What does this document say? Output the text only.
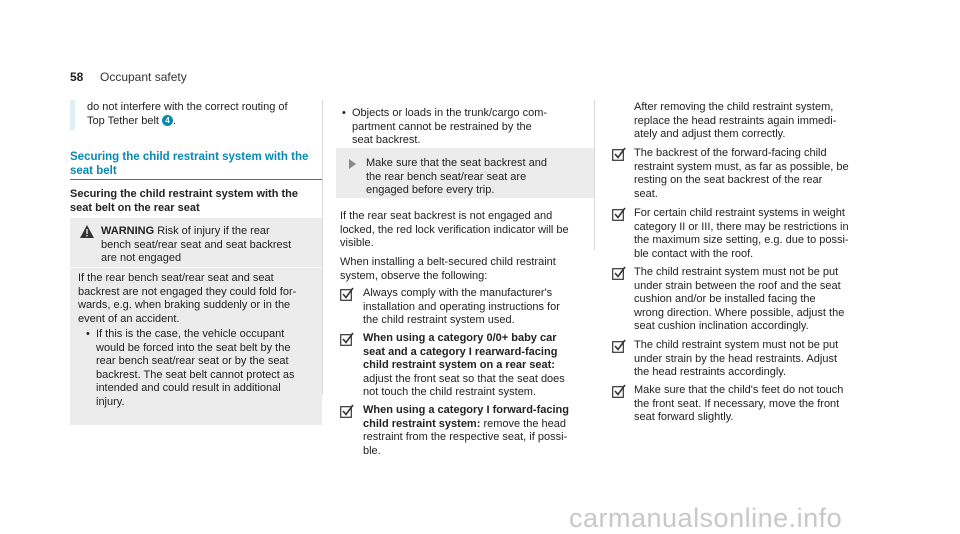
58 Occupant safety
do not interfere with the correct routing of
Top Tether belt 4 .
Securing the child restraint system with the
seat belt
Securing the child restraint system with the
seat belt on the rear seat
WARNING Risk of injury if the rear
bench seat/rear seat and seat backrest
are not engaged
If the rear bench seat/rear seat and seat
backrest are not engaged they could fold for-
wards, e.g. when braking suddenly or in the
event of an accident.
• If this is the case, the vehicle occupant
would be forced into the seat belt by the
rear bench seat/rear seat or by the seat
backrest. The seat belt cannot protect as
intended and could result in additional
injury.
• Objects or loads in the trunk/cargo com-
partment cannot be restrained by the
seat backrest.
Make sure that the seat backrest and
the rear bench seat/rear seat are
engaged before every trip.
If the rear seat backrest is not engaged and
locked, the red lock verification indicator will be
visible.
When installing a belt-secured child restraint
system, observe the following:
Always comply with the manufacturer's
installation and operating instructions for
the child restraint system used.
When using a category 0/0+ baby car
seat and a category I rearward-facing
child restraint system on a rear seat:
adjust the front seat so that the seat does
not touch the child restraint system.
When using a category I forward-facing
child restraint system: remove the head
restraint from the respective seat, if possi-
ble.
After removing the child restraint system,
replace the head restraints again immedi-
ately and adjust them correctly.
The backrest of the forward-facing child
restraint system must, as far as possible, be
resting on the seat backrest of the rear
seat.
For certain child restraint systems in weight
category II or III, there may be restrictions in
the maximum size setting, e.g. due to possi-
ble contact with the roof.
The child restraint system must not be put
under strain between the roof and the seat
cushion and/or be installed facing the
wrong direction. Where possible, adjust the
seat cushion inclination accordingly.
The child restraint system must not be put
under strain by the head restraints. Adjust
the head restraints accordingly.
Make sure that the child's feet do not touch
the front seat. If necessary, move the front
seat forward slightly.
carmanualsonline.info
